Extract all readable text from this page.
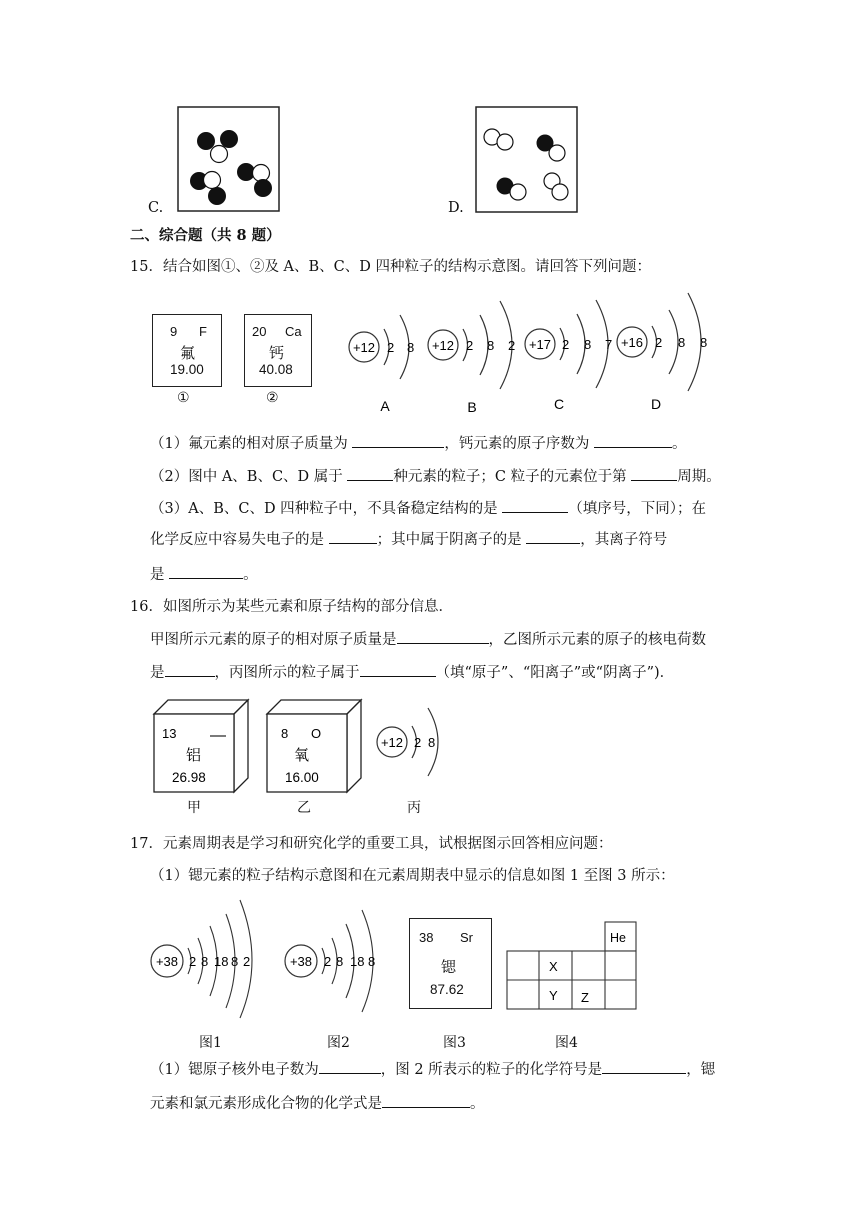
C.	D.
二、综合题（共 8 题）
15．结合如图①、②及 A、B、C、D 四种粒子的结构示意图。请回答下列问题：
9 F
氟
19.00
①
20 Ca
钙
40.08
②
+12 2 8
A
+12 2 8 2
B
+17 2 8 7
C
+16 2 8 8
D
（1）氟元素的相对原子质量为	，钙元素的原子序数为	。
（2）图中 A、B、C、D 属于	种元素的粒子；C 粒子的元素位于第	周期。
（3）A、B、C、D 四种粒子中，不具备稳定结构的是	（填序号，下同）；在
化学反应中容易失电子的是	；其中属于阴离子的是	，其离子符号
是	。
16．如图所示为某些元素和原子结构的部分信息．
甲图所示元素的原子的相对原子质量是	，乙图所示元素的原子的核电荷数
是	，丙图所示的粒子属于	（填“原子”、“阳离子”或“阴离子”)．
13
铝
26.98
甲
8 O
氧
16.00
乙
+12 2 8
丙
17．元素周期表是学习和研究化学的重要工具，试根据图示回答相应问题：
（1）锶元素的粒子结构示意图和在元素周期表中显示的信息如图 1 至图 3 所示：
+38 2 8 18 8 2
图1
+38 2 8 18 8
图2
38 Sr
锶
87.62
图3
He
X
Y Z
图4
（1）锶原子核外电子数为	，图 2 所表示的粒子的化学符号是	，锶
元素和氯元素形成化合物的化学式是	。
